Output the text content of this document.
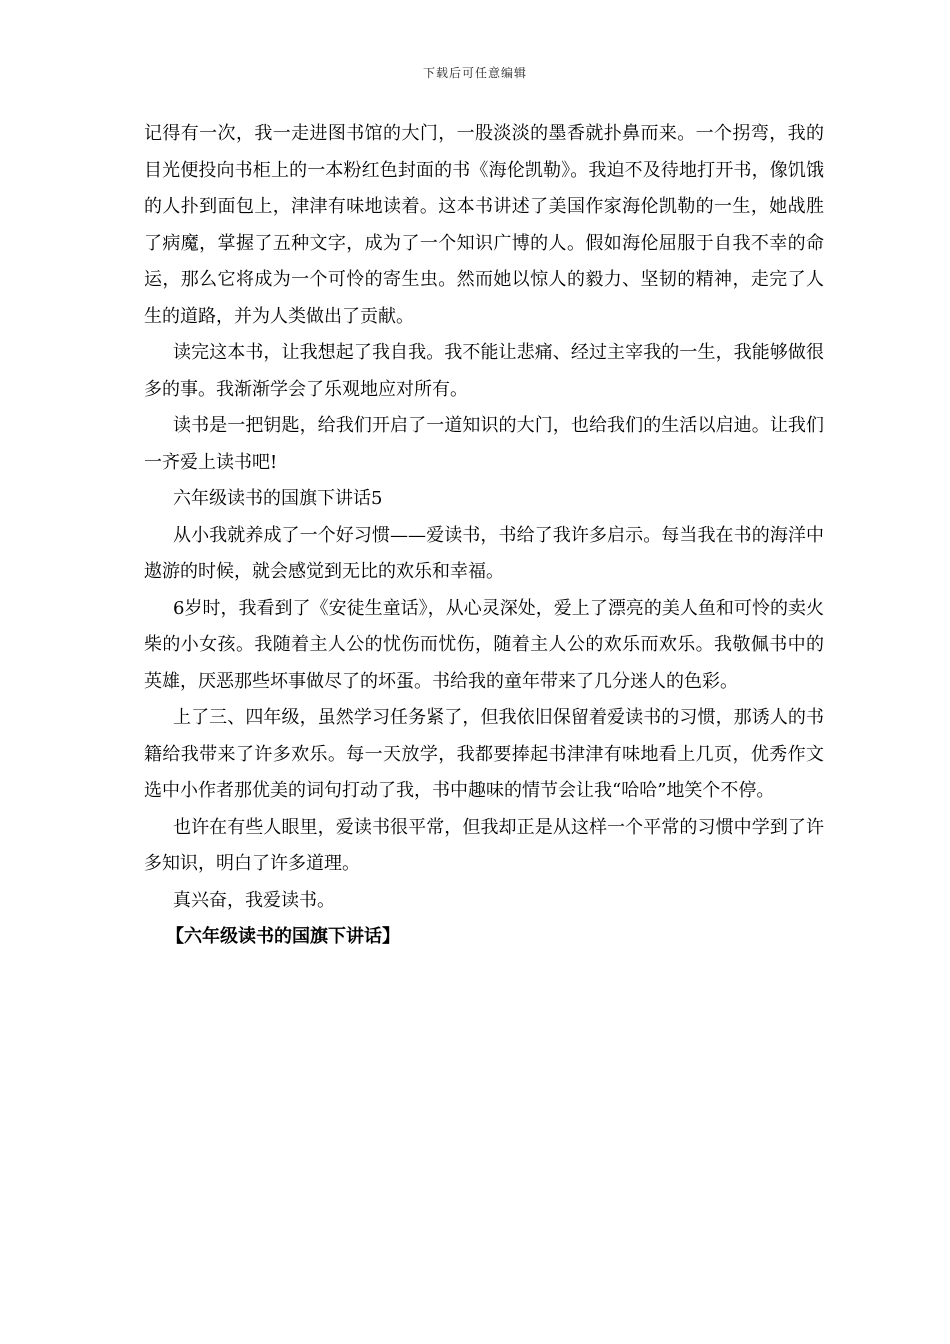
下载后可任意编辑

记得有一次，我一走进图书馆的大门，一股淡淡的墨香就扑鼻而来。一个拐弯，我的目光便投向书柜上的一本粉红色封面的书《海伦凯勒》。我迫不及待地打开书，像饥饿的人扑到面包上，津津有味地读着。这本书讲述了美国作家海伦凯勒的一生，她战胜了病魔，掌握了五种文字，成为了一个知识广博的人。假如海伦屈服于自我不幸的命运，那么它将成为一个可怜的寄生虫。然而她以惊人的毅力、坚韧的精神，走完了人生的道路，并为人类做出了贡献。

读完这本书，让我想起了我自我。我不能让悲痛、经过主宰我的一生，我能够做很多的事。我渐渐学会了乐观地应对所有。

读书是一把钥匙，给我们开启了一道知识的大门，也给我们的生活以启迪。让我们一齐爱上读书吧!

六年级读书的国旗下讲话5

从小我就养成了一个好习惯——爱读书，书给了我许多启示。每当我在书的海洋中遨游的时候，就会感觉到无比的欢乐和幸福。

6岁时，我看到了《安徒生童话》，从心灵深处，爱上了漂亮的美人鱼和可怜的卖火柴的小女孩。我随着主人公的忧伤而忧伤，随着主人公的欢乐而欢乐。我敬佩书中的英雄，厌恶那些坏事做尽了的坏蛋。书给我的童年带来了几分迷人的色彩。

上了三、四年级，虽然学习任务紧了，但我依旧保留着爱读书的习惯，那诱人的书籍给我带来了许多欢乐。每一天放学，我都要捧起书津津有味地看上几页，优秀作文选中小作者那优美的词句打动了我，书中趣味的情节会让我“哈哈”地笑个不停。

也许在有些人眼里，爱读书很平常，但我却正是从这样一个平常的习惯中学到了许多知识，明白了许多道理。

真兴奋，我爱读书。

【六年级读书的国旗下讲话】
